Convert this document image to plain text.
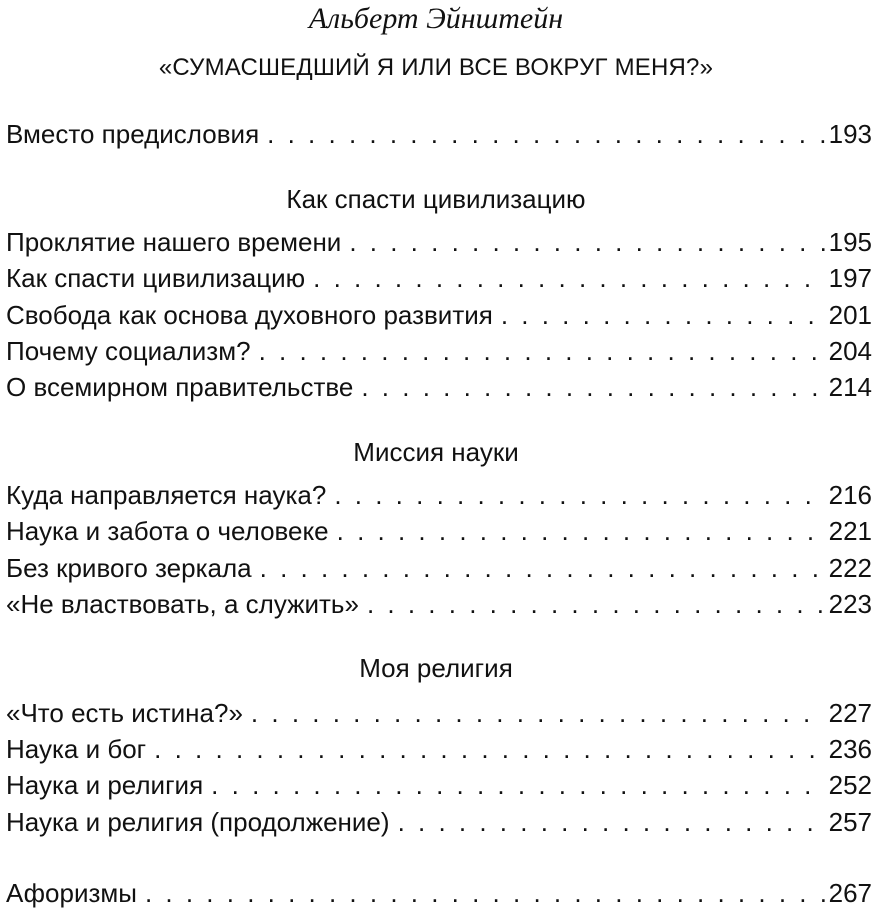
Альберт Эйнштейн
«СУМАСШЕДШИЙ Я ИЛИ ВСЕ ВОКРУГ МЕНЯ?»
Вместо предисловия . . .	193
Как спасти цивилизацию
Проклятие нашего времени . . .	195
Как спасти цивилизацию . . .	197
Свобода как основа духовного развития . . .	201
Почему социализм? . . .	204
О всемирном правительстве . . .	214
Миссия науки
Куда направляется наука? . . .	216
Наука и забота о человеке . . .	221
Без кривого зеркала . . .	222
«Не властвовать, а служить» . . .	223
Моя религия
«Что есть истина?» . . .	227
Наука и бог . . .	236
Наука и религия . . .	252
Наука и религия (продолжение) . . .	257
Афоризмы . . .	267
